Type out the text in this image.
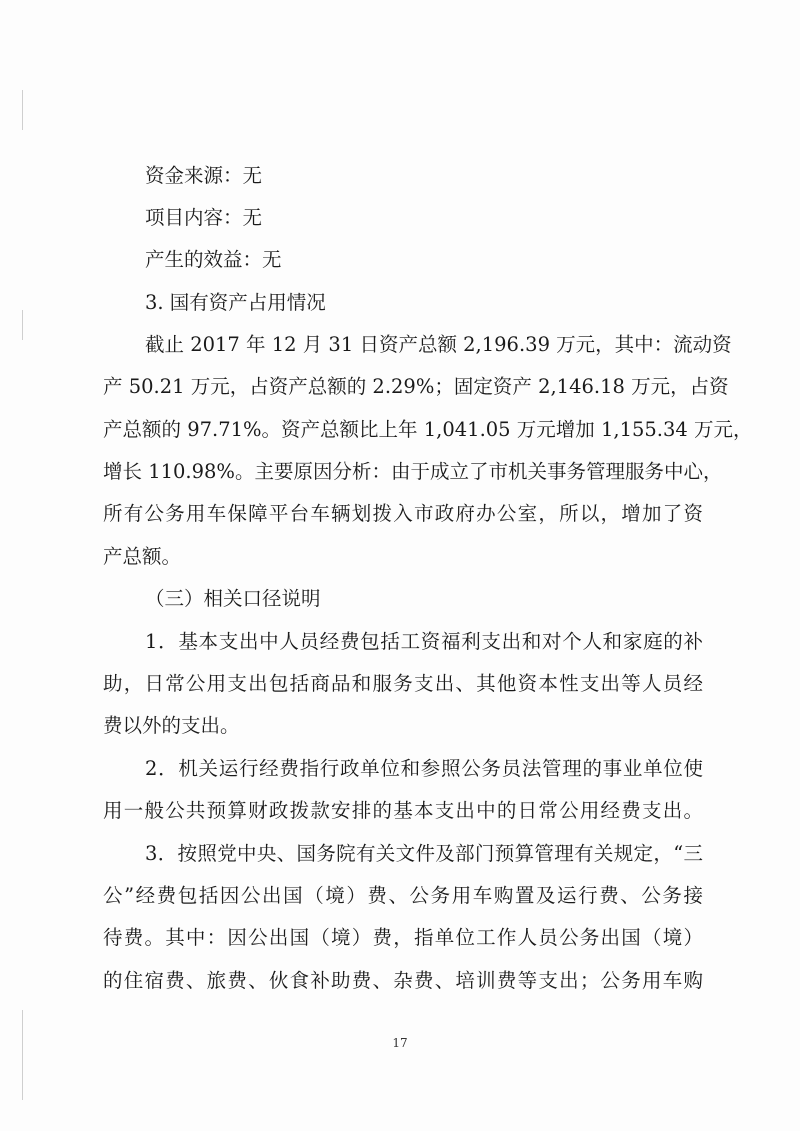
资金来源：无
项目内容：无
产生的效益：无
3. 国有资产占用情况
截止 2017 年 12 月 31 日资产总额 2,196.39 万元，其中：流动资
产 50.21 万元，占资产总额的 2.29%；固定资产 2,146.18 万元，占资
产总额的 97.71%。资产总额比上年 1,041.05 万元增加 1,155.34 万元，
增长 110.98%。主要原因分析：由于成立了市机关事务管理服务中心，
所有公务用车保障平台车辆划拨入市政府办公室，所以，增加了资
产总额。
（三）相关口径说明
1．基本支出中人员经费包括工资福利支出和对个人和家庭的补
助，日常公用支出包括商品和服务支出、其他资本性支出等人员经
费以外的支出。
2．机关运行经费指行政单位和参照公务员法管理的事业单位使
用一般公共预算财政拨款安排的基本支出中的日常公用经费支出。
3．按照党中央、国务院有关文件及部门预算管理有关规定，“三
公”经费包括因公出国（境）费、公务用车购置及运行费、公务接
待费。其中：因公出国（境）费，指单位工作人员公务出国（境）
的住宿费、旅费、伙食补助费、杂费、培训费等支出；公务用车购
17
